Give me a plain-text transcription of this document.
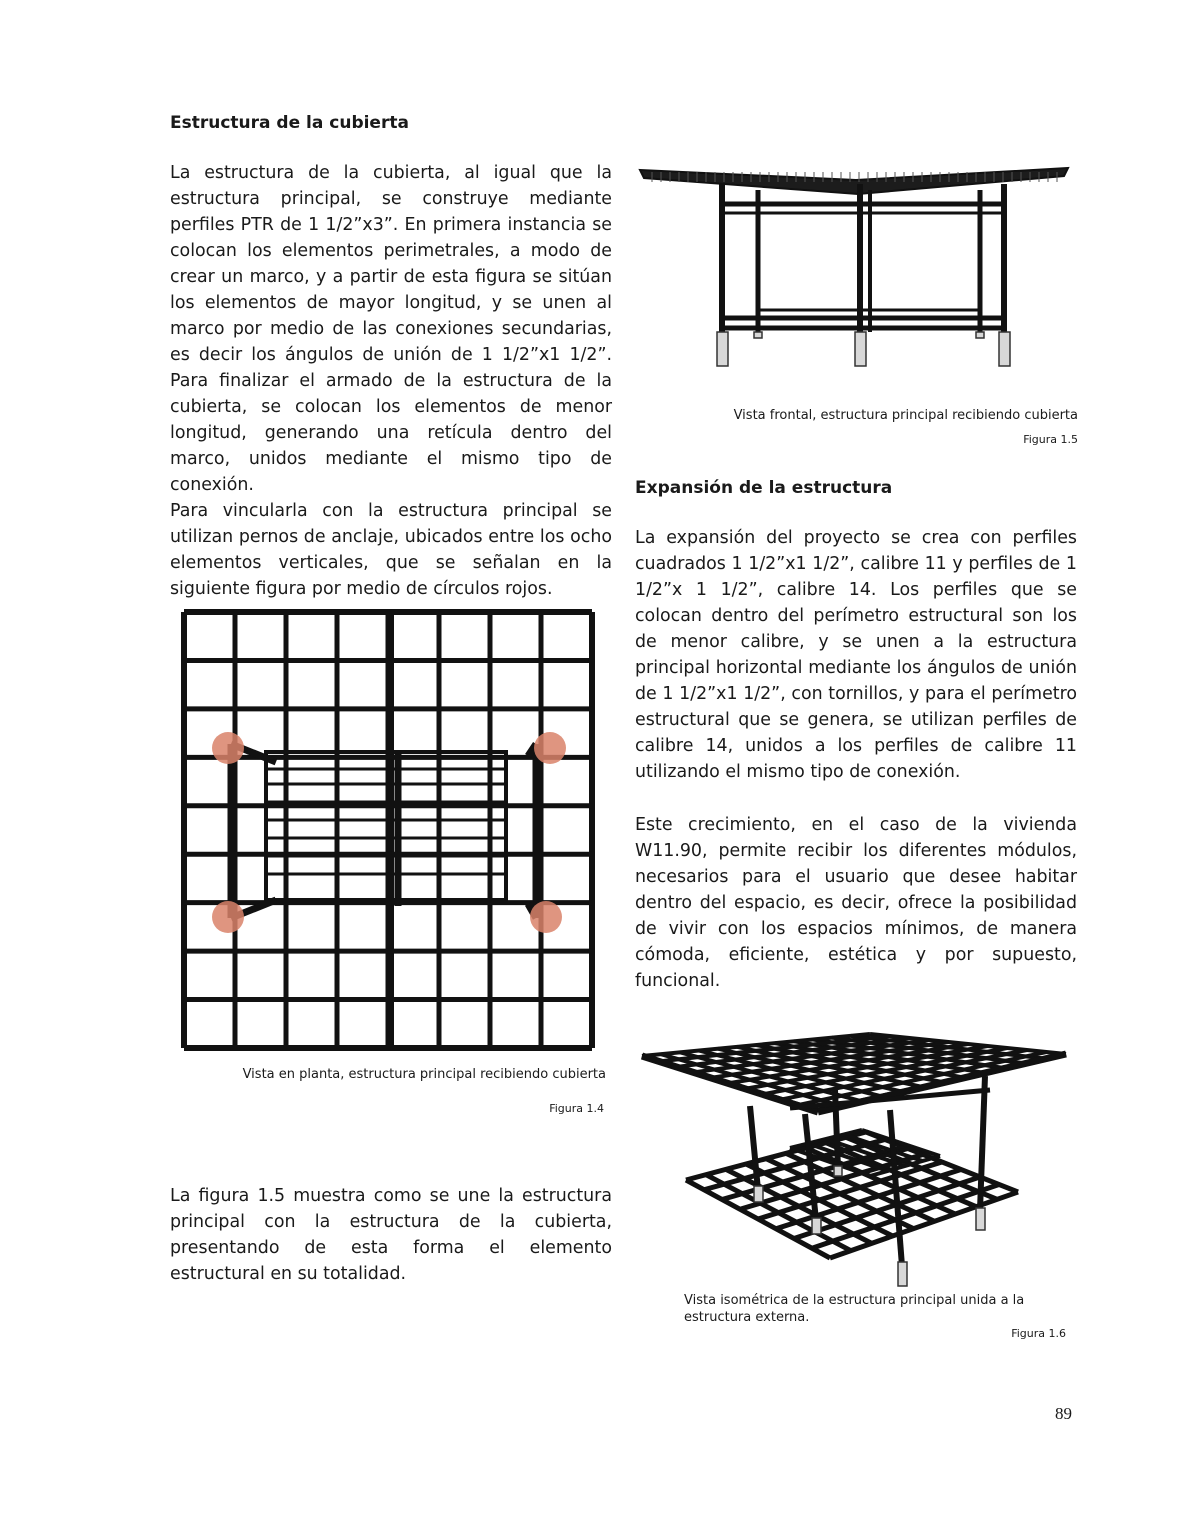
Estructura de la cubierta
La estructura de la cubierta, al igual que la estructura principal, se construye mediante perfiles PTR de 1 1/2”x3”. En primera instancia se colocan los elementos perimetrales, a modo de crear un marco, y a partir de esta figura se sitúan los elementos de mayor longitud, y se unen al marco por medio de las conexiones secundarias, es decir los ángulos de unión de 1 1/2”x1 1/2”. Para finalizar el armado de la estructura de la cubierta, se colocan los elementos de menor longitud, generando una retícula dentro del marco, unidos mediante el mismo tipo de conexión.
Para vincularla con la estructura principal se utilizan pernos de anclaje, ubicados entre los ocho elementos verticales, que se señalan en la siguiente figura por medio de círculos rojos.
Vista en planta, estructura principal recibiendo cubierta
Figura 1.4
La figura 1.5 muestra como se une la estructura principal con la estructura de la cubierta, presentando de esta forma el elemento estructural en su totalidad.
Vista frontal, estructura principal recibiendo cubierta
Figura 1.5
Expansión de la estructura
La expansión del proyecto se crea con perfiles cuadrados 1 1/2”x1 1/2”, calibre 11 y perfiles de 1 1/2”x 1 1/2”, calibre 14. Los perfiles que se colocan dentro del perímetro estructural son los de menor calibre, y se unen a la estructura principal horizontal mediante los ángulos de unión de 1 1/2”x1 1/2”, con tornillos, y para el perímetro estructural que se genera, se utilizan perfiles de calibre 14, unidos a los perfiles de calibre 11 utilizando el mismo tipo de conexión.
Este crecimiento, en el caso de la vivienda W11.90, permite recibir los diferentes módulos, necesarios para el usuario que desee habitar dentro del espacio, es decir, ofrece la posibilidad de vivir con los espacios mínimos, de manera cómoda, eficiente, estética y por supuesto, funcional.
Vista isométrica de la estructura principal unida a la estructura externa.
Figura 1.6
89
